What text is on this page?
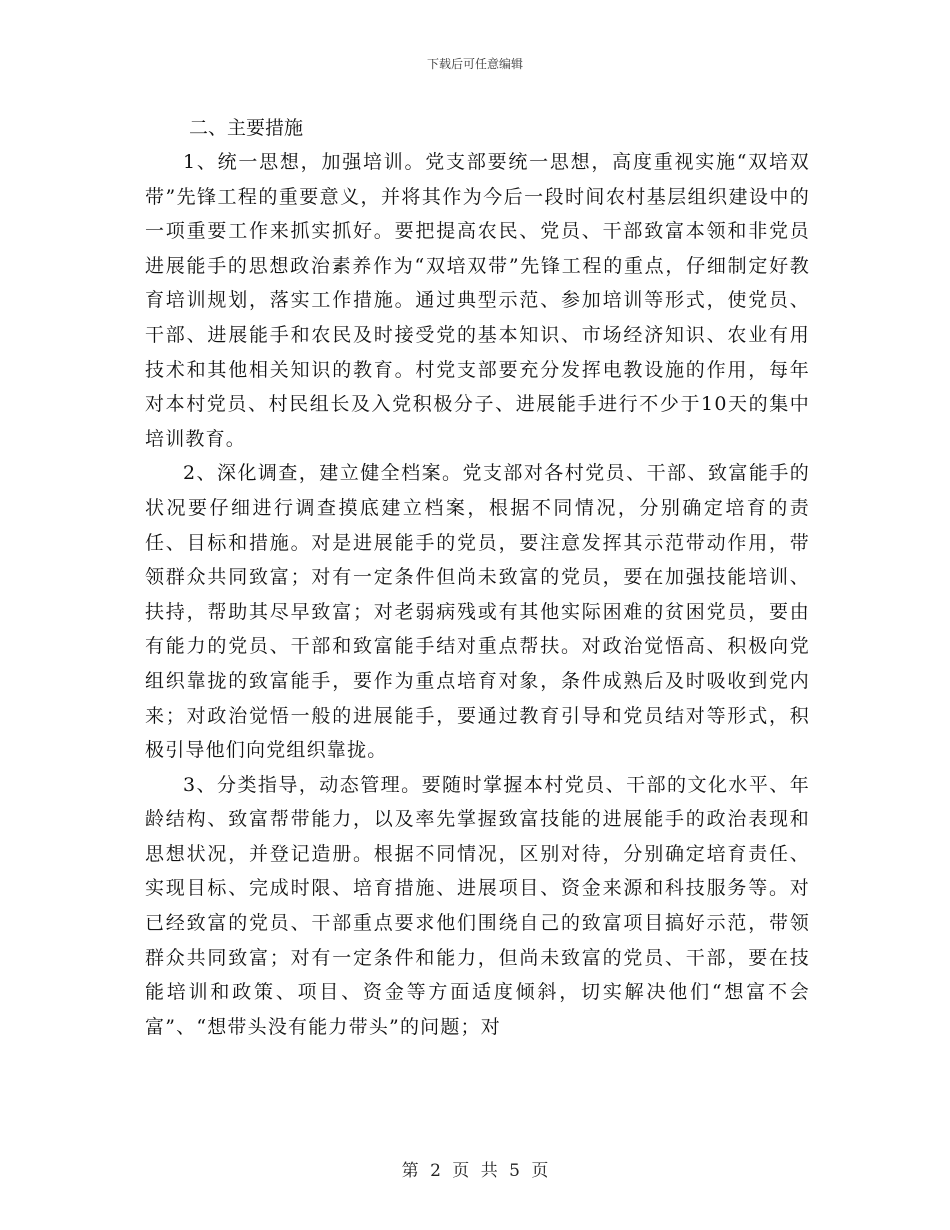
下载后可任意编辑

二、主要措施

1、统一思想，加强培训。党支部要统一思想，高度重视实施“双培双带”先锋工程的重要意义，并将其作为今后一段时间农村基层组织建设中的一项重要工作来抓实抓好。要把提高农民、党员、干部致富本领和非党员进展能手的思想政治素养作为“双培双带”先锋工程的重点，仔细制定好教育培训规划，落实工作措施。通过典型示范、参加培训等形式，使党员、干部、进展能手和农民及时接受党的基本知识、市场经济知识、农业有用技术和其他相关知识的教育。村党支部要充分发挥电教设施的作用，每年对本村党员、村民组长及入党积极分子、进展能手进行不少于10天的集中培训教育。

2、深化调查，建立健全档案。党支部对各村党员、干部、致富能手的状况要仔细进行调查摸底建立档案，根据不同情况，分别确定培育的责任、目标和措施。对是进展能手的党员，要注意发挥其示范带动作用，带领群众共同致富；对有一定条件但尚未致富的党员，要在加强技能培训、扶持，帮助其尽早致富；对老弱病残或有其他实际困难的贫困党员，要由有能力的党员、干部和致富能手结对重点帮扶。对政治觉悟高、积极向党组织靠拢的致富能手，要作为重点培育对象，条件成熟后及时吸收到党内来；对政治觉悟一般的进展能手，要通过教育引导和党员结对等形式，积极引导他们向党组织靠拢。

3、分类指导，动态管理。要随时掌握本村党员、干部的文化水平、年龄结构、致富帮带能力，以及率先掌握致富技能的进展能手的政治表现和思想状况，并登记造册。根据不同情况，区别对待，分别确定培育责任、实现目标、完成时限、培育措施、进展项目、资金来源和科技服务等。对已经致富的党员、干部重点要求他们围绕自己的致富项目搞好示范，带领群众共同致富；对有一定条件和能力，但尚未致富的党员、干部，要在技能培训和政策、项目、资金等方面适度倾斜，切实解决他们“想富不会富”、“想带头没有能力带头”的问题；对

第 2 页 共 5 页
